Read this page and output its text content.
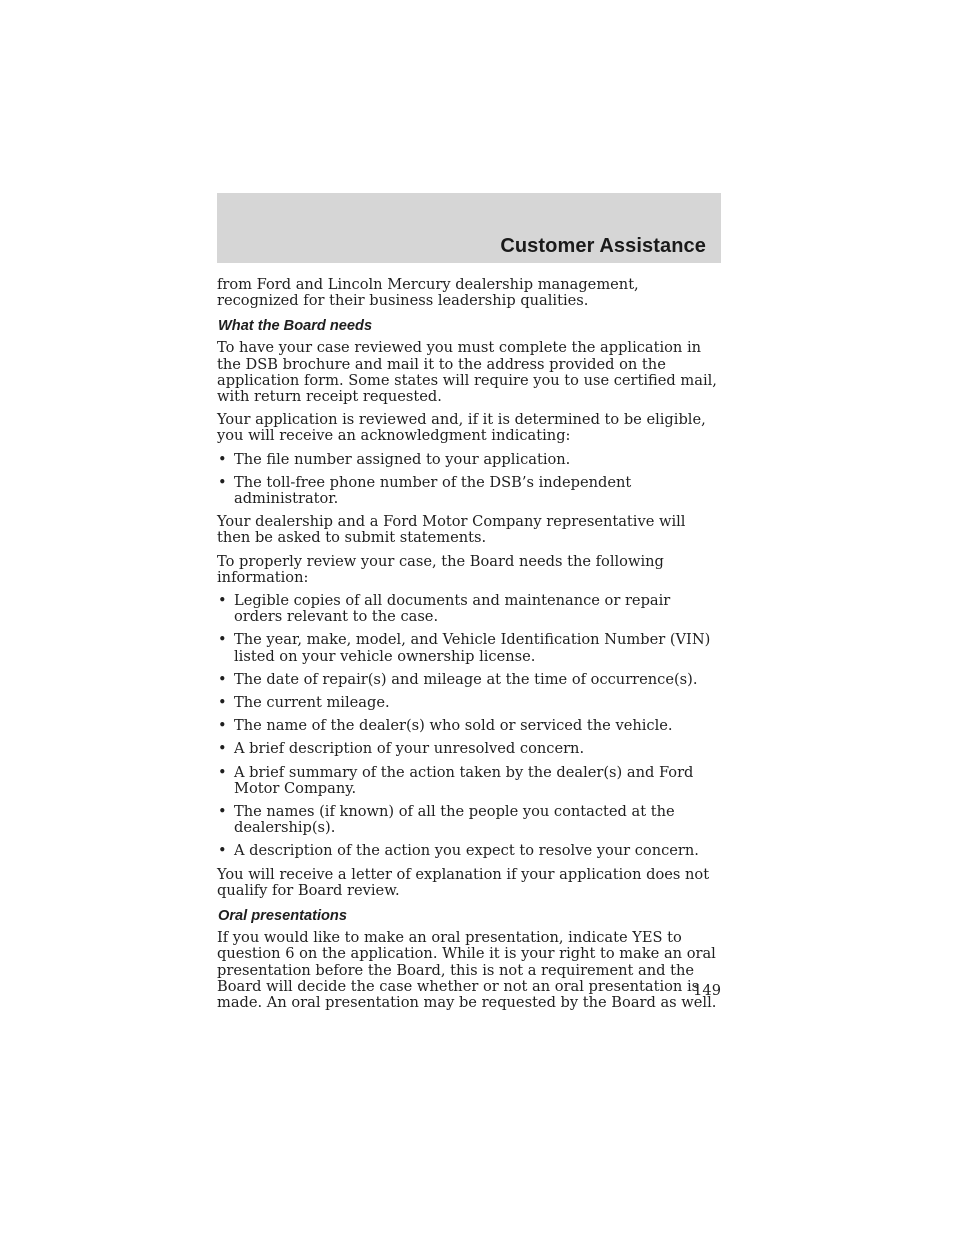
Customer Assistance

from Ford and Lincoln Mercury dealership management, recognized for their business leadership qualities.

What the Board needs

To have your case reviewed you must complete the application in the DSB brochure and mail it to the address provided on the application form. Some states will require you to use certified mail, with return receipt requested.

Your application is reviewed and, if it is determined to be eligible, you will receive an acknowledgment indicating:

• The file number assigned to your application.
• The toll-free phone number of the DSB’s independent administrator.

Your dealership and a Ford Motor Company representative will then be asked to submit statements.

To properly review your case, the Board needs the following information:

• Legible copies of all documents and maintenance or repair orders relevant to the case.
• The year, make, model, and Vehicle Identification Number (VIN) listed on your vehicle ownership license.
• The date of repair(s) and mileage at the time of occurrence(s).
• The current mileage.
• The name of the dealer(s) who sold or serviced the vehicle.
• A brief description of your unresolved concern.
• A brief summary of the action taken by the dealer(s) and Ford Motor Company.
• The names (if known) of all the people you contacted at the dealership(s).
• A description of the action you expect to resolve your concern.

You will receive a letter of explanation if your application does not qualify for Board review.

Oral presentations

If you would like to make an oral presentation, indicate YES to question 6 on the application. While it is your right to make an oral presentation before the Board, this is not a requirement and the Board will decide the case whether or not an oral presentation is made. An oral presentation may be requested by the Board as well.

149
